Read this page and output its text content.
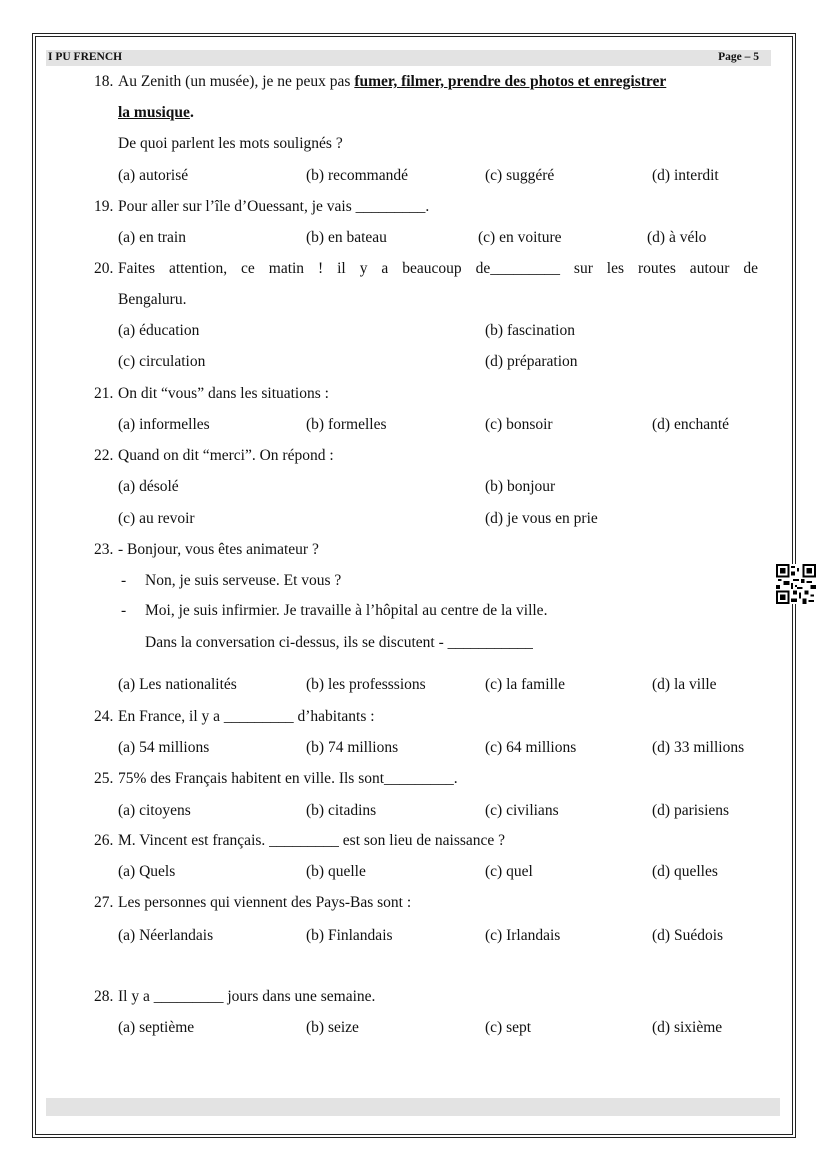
I PU FRENCH	Page – 5
18. Au Zenith (un musée), je ne peux pas fumer, filmer, prendre des photos et enregistrer
la musique.
De quoi parlent les mots soulignés ?
(a) autorisé	(b) recommandé	(c) suggéré	(d) interdit
19. Pour aller sur l’île d’Ouessant, je vais _________.
(a) en train	(b) en bateau	(c) en voiture	(d) à vélo
20. Faites attention, ce matin ! il y a beaucoup de_________ sur les routes autour de
Bengaluru.
(a) éducation	(b) fascination
(c) circulation	(d) préparation
21. On dit “vous” dans les situations :
(a) informelles	(b) formelles	(c) bonsoir	(d) enchanté
22. Quand on dit “merci”. On répond :
(a) désolé	(b) bonjour
(c) au revoir	(d) je vous en prie
23. - Bonjour, vous êtes animateur ?
- Non, je suis serveuse. Et vous ?
- Moi, je suis infirmier. Je travaille à l’hôpital au centre de la ville.
Dans la conversation ci-dessus, ils se discutent - ___________
(a) Les nationalités	(b) les professsions	(c) la famille	(d) la ville
24. En France, il y a _________ d’habitants :
(a) 54 millions	(b) 74 millions	(c) 64 millions	(d) 33 millions
25. 75% des Français habitent en ville. Ils sont_________.
(a) citoyens	(b) citadins	(c) civilians	(d) parisiens
26. M. Vincent est français. _________ est son lieu de naissance ?
(a) Quels	(b) quelle	(c) quel	(d) quelles
27. Les personnes qui viennent des Pays-Bas sont :
(a) Néerlandais	(b) Finlandais	(c) Irlandais	(d) Suédois
28. Il y a _________ jours dans une semaine.
(a) septième	(b) seize	(c) sept	(d) sixième
